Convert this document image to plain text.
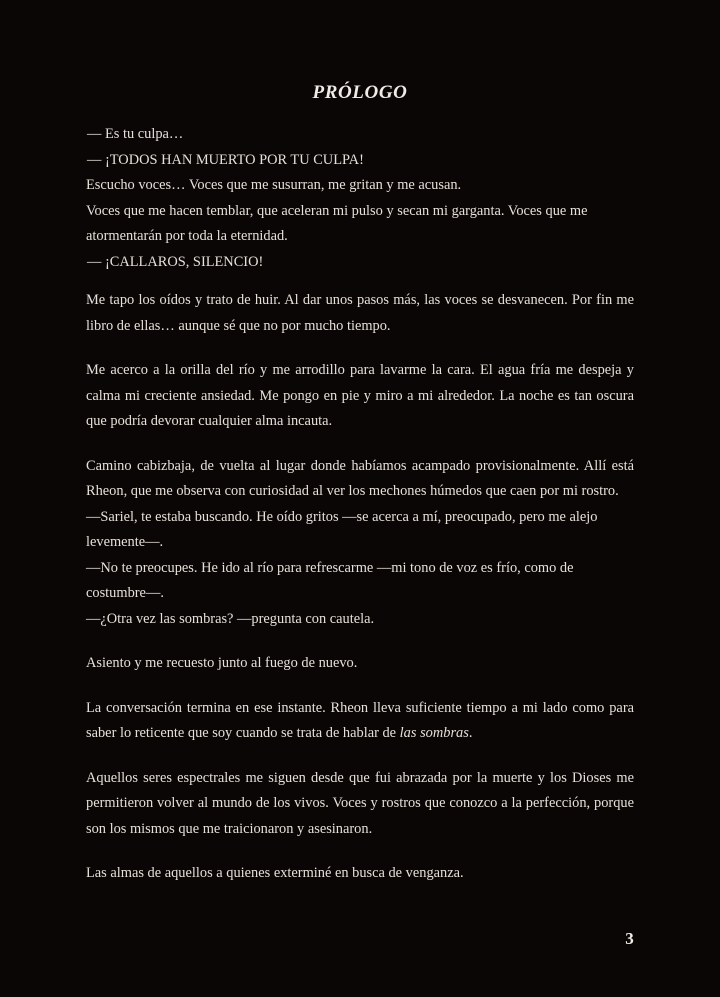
PRÓLOGO

— Es tu culpa…

— ¡TODOS HAN MUERTO POR TU CULPA!

Escucho voces… Voces que me susurran, me gritan y me acusan.

Voces que me hacen temblar, que aceleran mi pulso y secan mi garganta. Voces que me atormentarán por toda la eternidad.

— ¡CALLAROS, SILENCIO!

Me tapo los oídos y trato de huir. Al dar unos pasos más, las voces se desvanecen. Por fin me libro de ellas… aunque sé que no por mucho tiempo.

Me acerco a la orilla del río y me arrodillo para lavarme la cara. El agua fría me despeja y calma mi creciente ansiedad. Me pongo en pie y miro a mi alrededor. La noche es tan oscura que podría devorar cualquier alma incauta.

Camino cabizbaja, de vuelta al lugar donde habíamos acampado provisionalmente. Allí está Rheon, que me observa con curiosidad al ver los mechones húmedos que caen por mi rostro.

—Sariel, te estaba buscando. He oído gritos —se acerca a mí, preocupado, pero me alejo levemente—.

—No te preocupes. He ido al río para refrescarme —mi tono de voz es frío, como de costumbre—.

—¿Otra vez las sombras? —pregunta con cautela.

Asiento y me recuesto junto al fuego de nuevo.

La conversación termina en ese instante. Rheon lleva suficiente tiempo a mi lado como para saber lo reticente que soy cuando se trata de hablar de las sombras.

Aquellos seres espectrales me siguen desde que fui abrazada por la muerte y los Dioses me permitieron volver al mundo de los vivos. Voces y rostros que conozco a la perfección, porque son los mismos que me traicionaron y asesinaron.

Las almas de aquellos a quienes exterminé en busca de venganza.

3
